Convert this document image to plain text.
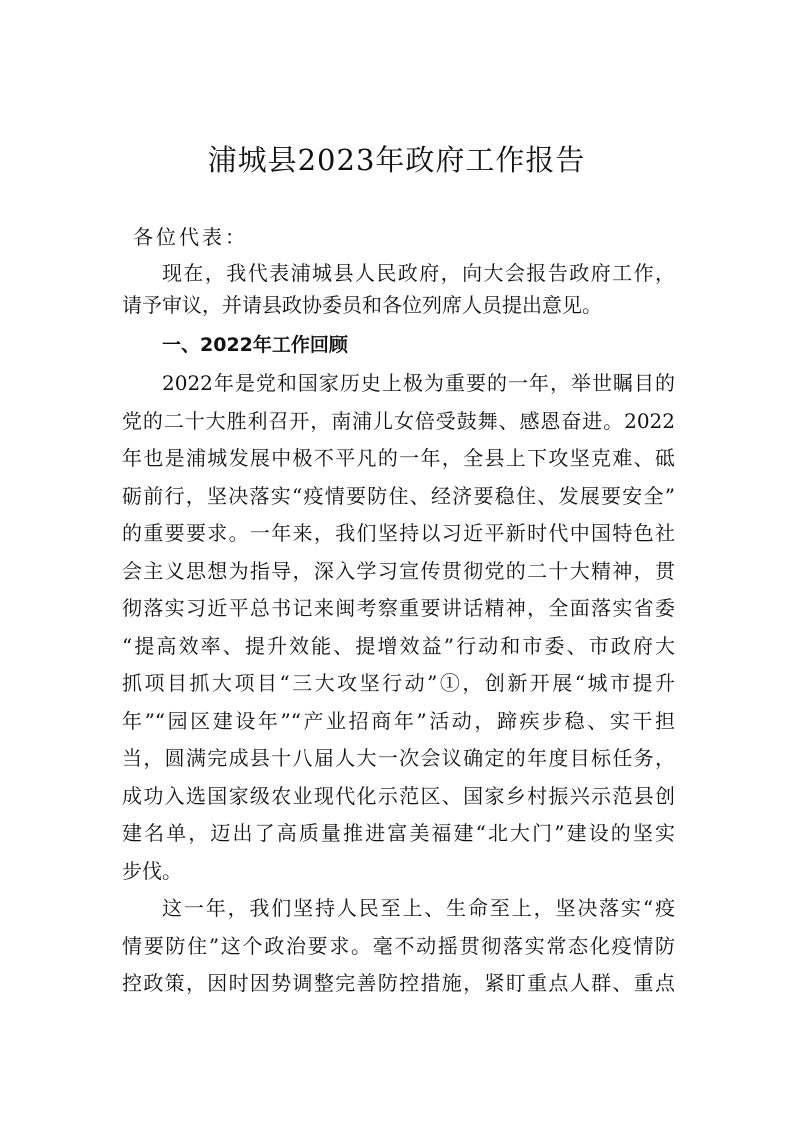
浦城县2023年政府工作报告
各位代表：
现在，我代表浦城县人民政府，向大会报告政府工作，
请予审议，并请县政协委员和各位列席人员提出意见。
一、2022年工作回顾
2022年是党和国家历史上极为重要的一年，举世瞩目的
党的二十大胜利召开，南浦儿女倍受鼓舞、感恩奋进。2022
年也是浦城发展中极不平凡的一年，全县上下攻坚克难、砥
砺前行，坚决落实“疫情要防住、经济要稳住、发展要安全”
的重要要求。一年来，我们坚持以习近平新时代中国特色社
会主义思想为指导，深入学习宣传贯彻党的二十大精神，贯
彻落实习近平总书记来闽考察重要讲话精神，全面落实省委
“提高效率、提升效能、提增效益”行动和市委、市政府大
抓项目抓大项目“三大攻坚行动”①，创新开展“城市提升
年”“园区建设年”“产业招商年”活动，蹄疾步稳、实干担
当，圆满完成县十八届人大一次会议确定的年度目标任务，
成功入选国家级农业现代化示范区、国家乡村振兴示范县创
建名单，迈出了高质量推进富美福建“北大门”建设的坚实
步伐。
这一年，我们坚持人民至上、生命至上，坚决落实“疫
情要防住”这个政治要求。毫不动摇贯彻落实常态化疫情防
控政策，因时因势调整完善防控措施，紧盯重点人群、重点
